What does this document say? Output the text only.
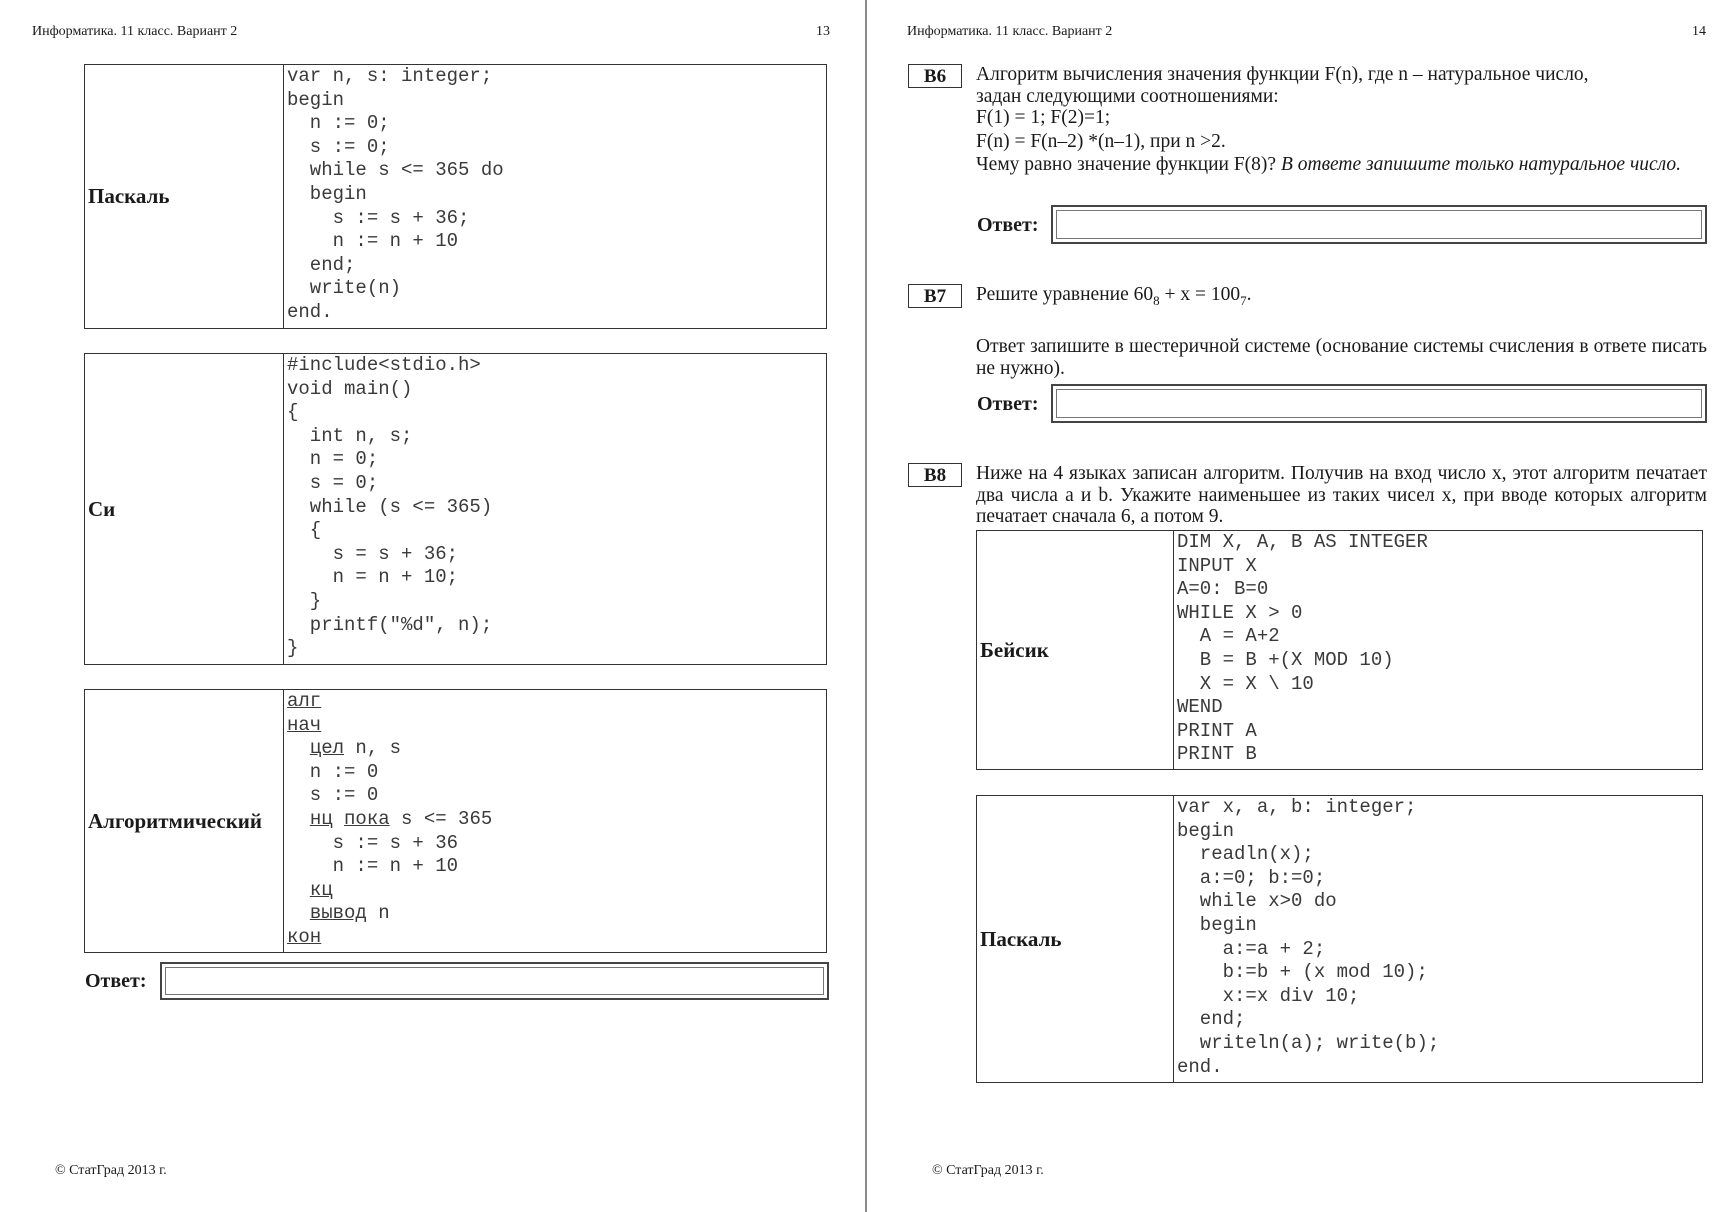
Информатика. 11 класс. Вариант 2	13
Паскаль	
var n, s: integer;
begin
n := 0;
s := 0;
while s <= 365 do
begin
s := s + 36;
n := n + 10
end;
write(n)
end.
Си	
#include<stdio.h>
void main()
{
int n, s;
n = 0;
s = 0;
while (s <= 365)
{
s = s + 36;
n = n + 10;
}
printf("%d", n);
}
Алгоритмический	
алг
нач
цел n, s
n := 0
s := 0
нц пока s <= 365
s := s + 36
n := n + 10
кц
вывод n
кон
Ответ:
© СтатГрад 2013 г.
Информатика. 11 класс. Вариант 2	14
B6	Алгоритм вычисления значения функции F(n), где n – натуральное число,
задан следующими соотношениями:
F(1) = 1; F(2)=1;
F(n) = F(n–2) *(n–1), при n >2.

Чему равно значение функции F(8)? В ответе запишите только натуральное число.

Ответ:
B7	Решите уравнение $60_8 + x = 100_7$.

Ответ запишите в шестеричной системе (основание системы счисления в ответе писать не нужно).

Ответ:
B8	Ниже на 4 языках записан алгоритм. Получив на вход число x, этот алгоритм печатает два числа a и b. Укажите наименьшее из таких чисел x, при вводе которых алгоритм печатает сначала 6, а потом 9.
Бейсик	
DIM X, A, B AS INTEGER
INPUT X
A=0: B=0
WHILE X > 0
A = A+2
B = B +(X MOD 10)
X = X \ 10
WEND
PRINT A
PRINT B
Паскаль	
var x, a, b: integer;
begin
readln(x);
a:=0; b:=0;
while x>0 do
begin
a:=a + 2;
b:=b + (x mod 10);
x:=x div 10;
end;
writeln(a); write(b);
end.
© СтатГрад 2013 г.
